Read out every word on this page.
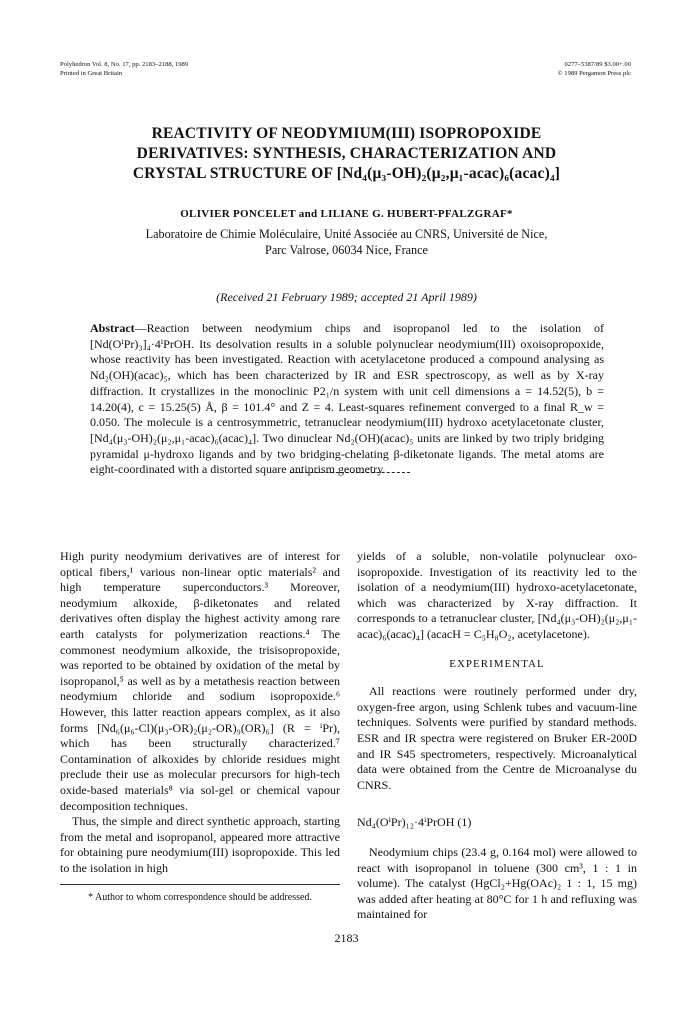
Polyhedron Vol. 8, No. 17, pp. 2183–2188, 1989
Printed in Great Britain
0277–5387/89 $3.00+.00
© 1989 Pergamon Press plc
REACTIVITY OF NEODYMIUM(III) ISOPROPOXIDE
DERIVATIVES: SYNTHESIS, CHARACTERIZATION AND
CRYSTAL STRUCTURE OF [Nd₄(μ₃-OH)₂(μ₂,μ₁-acac)₆(acac)₄]
OLIVIER PONCELET and LILIANE G. HUBERT-PFALZGRAF*
Laboratoire de Chimie Moléculaire, Unité Associée au CNRS, Université de Nice,
Parc Valrose, 06034 Nice, France
(Received 21 February 1989; accepted 21 April 1989)
Abstract—Reaction between neodymium chips and isopropanol led to the isolation of [Nd(OⁱPr)₃]₄·4ⁱPrOH. Its desolvation results in a soluble polynuclear neodymium(III) oxoisopropoxide, whose reactivity has been investigated. Reaction with acetylacetone produced a compound analysing as Nd₂(OH)(acac)₅, which has been characterized by IR and ESR spectroscopy, as well as by X-ray diffraction. It crystallizes in the monoclinic P2₁/n system with unit cell dimensions a = 14.52(5), b = 14.20(4), c = 15.25(5) Å, β = 101.4° and Z = 4. Least-squares refinement converged to a final R_w = 0.050. The molecule is a centrosymmetric, tetranuclear neodymium(III) hydroxo acetylacetonate cluster, [Nd₄(μ₃-OH)₂(μ₂,μ₁-acac)₆(acac)₄]. Two dinuclear Nd₂(OH)(acac)₅ units are linked by two triply bridging pyramidal μ-hydroxo ligands and by two bridging-chelating β-diketonate ligands. The metal atoms are eight-coordinated with a distorted square antiprism geometry.

High purity neodymium derivatives are of interest for optical fibers,¹ various non-linear optic materials² and high temperature superconductors.³ Moreover, neodymium alkoxide, β-diketonates and related derivatives often display the highest activity among rare earth catalysts for polymerization reactions.⁴ The commonest neodymium alkoxide, the trisisopropoxide, was reported to be obtained by oxidation of the metal by isopropanol,⁵ as well as by a metathesis reaction between neodymium chloride and sodium isopropoxide.⁶ However, this latter reaction appears complex, as it also forms [Nd₆(μ₆-Cl)(μ₃-OR)₂(μ₂-OR)₉(OR)₆] (R = ⁱPr), which has been structurally characterized.⁷ Contamination of alkoxides by chloride residues might preclude their use as molecular precursors for high-tech oxide-based materials⁸ via sol-gel or chemical vapour decomposition techniques.

Thus, the simple and direct synthetic approach, starting from the metal and isopropanol, appeared more attractive for obtaining pure neodymium(III) isopropoxide. This led to the isolation in high

* Author to whom correspondence should be addressed.

yields of a soluble, non-volatile polynuclear oxo-isopropoxide. Investigation of its reactivity led to the isolation of a neodymium(III) hydroxo-acetylacetonate, which was characterized by X-ray diffraction. It corresponds to a tetranuclear cluster, [Nd₄(μ₃-OH)₂(μ₂,μ₁-acac)₆(acac)₄] (acacH = C₅H₈O₂, acetylacetone).

EXPERIMENTAL

All reactions were routinely performed under dry, oxygen-free argon, using Schlenk tubes and vacuum-line techniques. Solvents were purified by standard methods. ESR and IR spectra were registered on Bruker ER-200D and IR S45 spectrometers, respectively. Microanalytical data were obtained from the Centre de Microanalyse du CNRS.

Nd₄(OⁱPr)₁₂·4ⁱPrOH (1)

Neodymium chips (23.4 g, 0.164 mol) were allowed to react with isopropanol in toluene (300 cm³, 1 : 1 in volume). The catalyst (HgCl₂+Hg(OAc)₂ 1 : 1, 15 mg) was added after heating at 80°C for 1 h and refluxing was maintained for

2183
